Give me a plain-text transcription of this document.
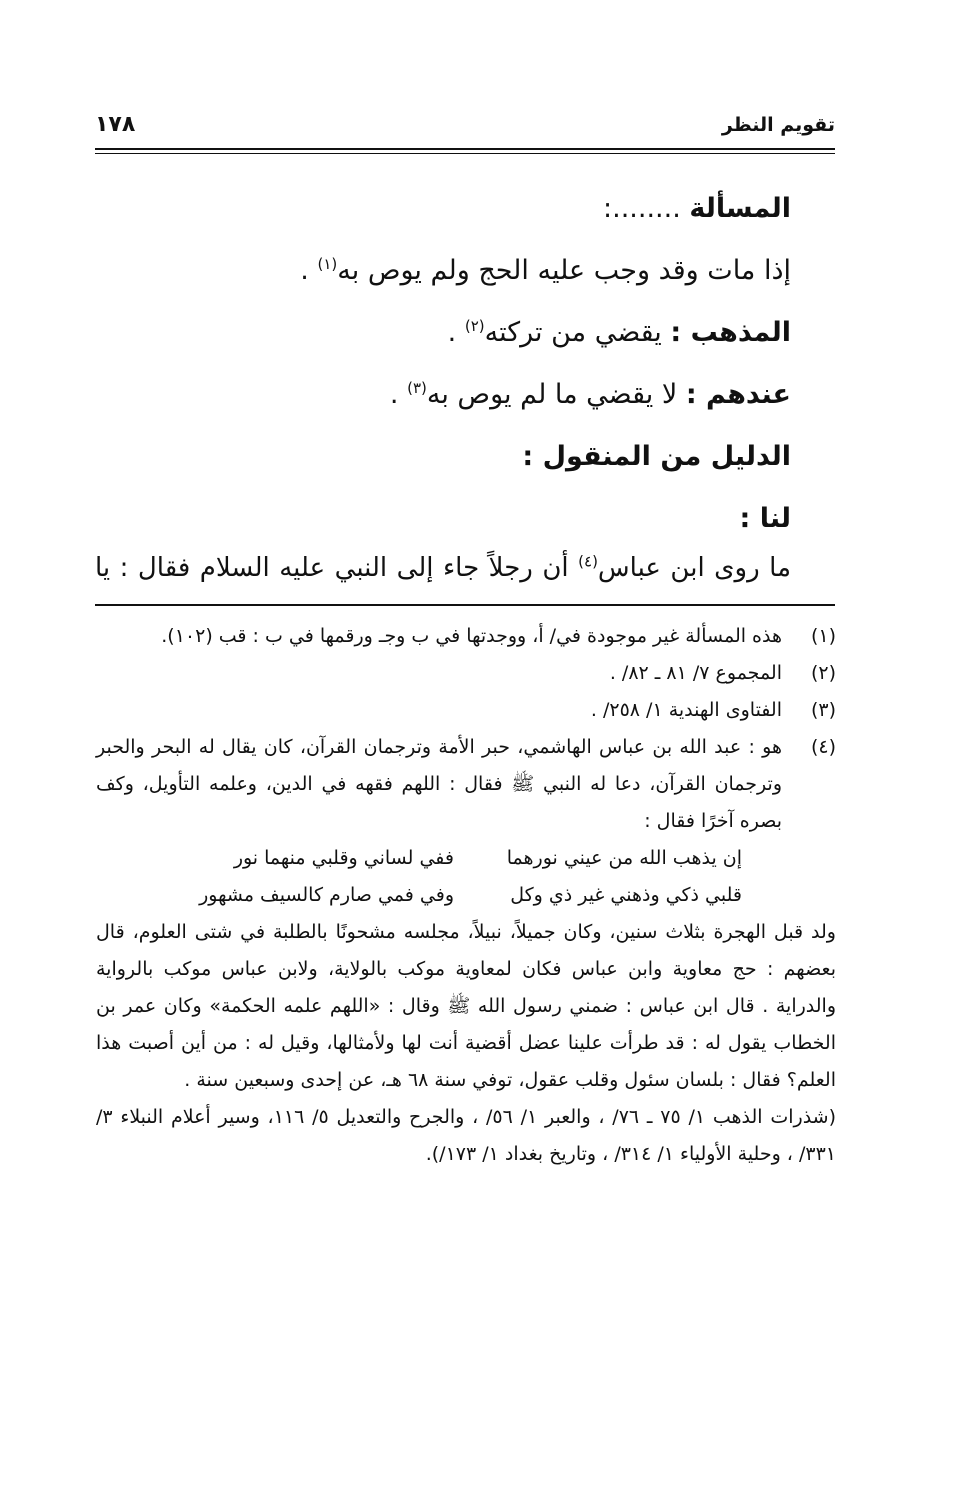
تقويم النظر
١٧٨

المسألة ........:

إذا مات وقد وجب عليه الحج ولم يوص به$^{(١)}$ .

المذهب : يقضي من تركته$^{(٢)}$ .

عندهم : لا يقضي ما لم يوص به$^{(٣)}$ .

الدليل من المنقول :

لنا :

ما روى ابن عباس$^{(٤)}$ أن رجلاً جاء إلى النبي عليه السلام فقال : يا
(١)
هذه المسألة غير موجودة في/ أ، ووجدتها في ب وجـ ورقمها في ب : قب (١٠٢).
(٢)
المجموع ٧/ ٨١ ـ ٨٢/ .
(٣)
الفتاوى الهندية ١/ ٢٥٨/ .
(٤)
هو : عبد الله بن عباس الهاشمي، حبر الأمة وترجمان القرآن، كان يقال له البحر والحبر وترجمان القرآن، دعا له النبي ﷺ فقال : اللهم فقهه في الدين، وعلمه التأويل، وكف بصره آخرًا فقال :
إن يذهب الله من عيني نورهما
ففي لساني وقلبي منهما نور
قلبي ذكي وذهني غير ذي وكل
وفي فمي صارم كالسيف مشهور
ولد قبل الهجرة بثلاث سنين، وكان جميلاً، نبيلاً، مجلسه مشحونًا بالطلبة في شتى العلوم، قال بعضهم : حج معاوية وابن عباس فكان لمعاوية موكب بالولاية، ولابن عباس موكب بالرواية والدراية . قال ابن عباس : ضمني رسول الله ﷺ وقال : «اللهم علمه الحكمة» وكان عمر بن الخطاب يقول له : قد طرأت علينا عضل أقضية أنت لها ولأمثالها، وقيل له : من أين أصبت هذا العلم؟ فقال : بلسان سئول وقلب عقول، توفي سنة ٦٨ هـ، عن إحدى وسبعين سنة .
(شذرات الذهب ١/ ٧٥ ـ ٧٦/ ، والعبر ١/ ٥٦/ ، والجرح والتعديل ٥/ ١١٦، وسير أعلام النبلاء ٣/ ٣٣١/ ، وحلية الأولياء ١/ ٣١٤/ ، وتاريخ بغداد ١/ ١٧٣/).
